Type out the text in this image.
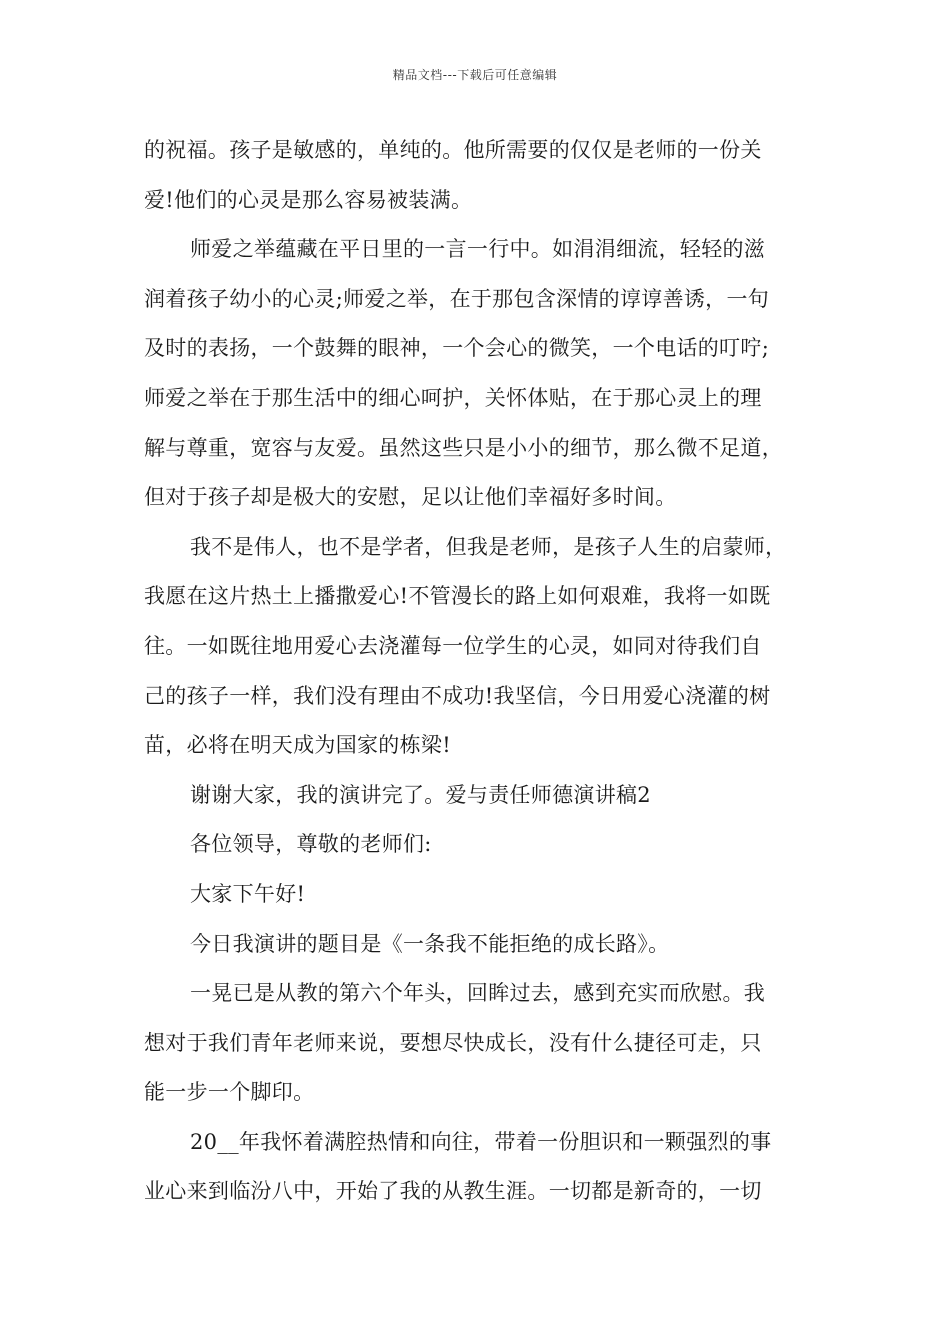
精品文档---下载后可任意编辑

的祝福。孩子是敏感的，单纯的。他所需要的仅仅是老师的一份关

爱!他们的心灵是那么容易被装满。

师爱之举蕴藏在平日里的一言一行中。如涓涓细流，轻轻的滋

润着孩子幼小的心灵;师爱之举，在于那包含深情的谆谆善诱，一句

及时的表扬，一个鼓舞的眼神，一个会心的微笑，一个电话的叮咛;

师爱之举在于那生活中的细心呵护，关怀体贴，在于那心灵上的理

解与尊重，宽容与友爱。虽然这些只是小小的细节，那么微不足道，

但对于孩子却是极大的安慰，足以让他们幸福好多时间。

我不是伟人，也不是学者，但我是老师，是孩子人生的启蒙师，

我愿在这片热土上播撒爱心!不管漫长的路上如何艰难，我将一如既

往。一如既往地用爱心去浇灌每一位学生的心灵，如同对待我们自

己的孩子一样，我们没有理由不成功!我坚信，今日用爱心浇灌的树

苗，必将在明天成为国家的栋梁!

谢谢大家，我的演讲完了。爱与责任师德演讲稿2

各位领导，尊敬的老师们:

大家下午好!

今日我演讲的题目是《一条我不能拒绝的成长路》。

一晃已是从教的第六个年头，回眸过去，感到充实而欣慰。我

想对于我们青年老师来说，要想尽快成长，没有什么捷径可走，只

能一步一个脚印。

20__年我怀着满腔热情和向往，带着一份胆识和一颗强烈的事

业心来到临汾八中，开始了我的从教生涯。一切都是新奇的，一切
